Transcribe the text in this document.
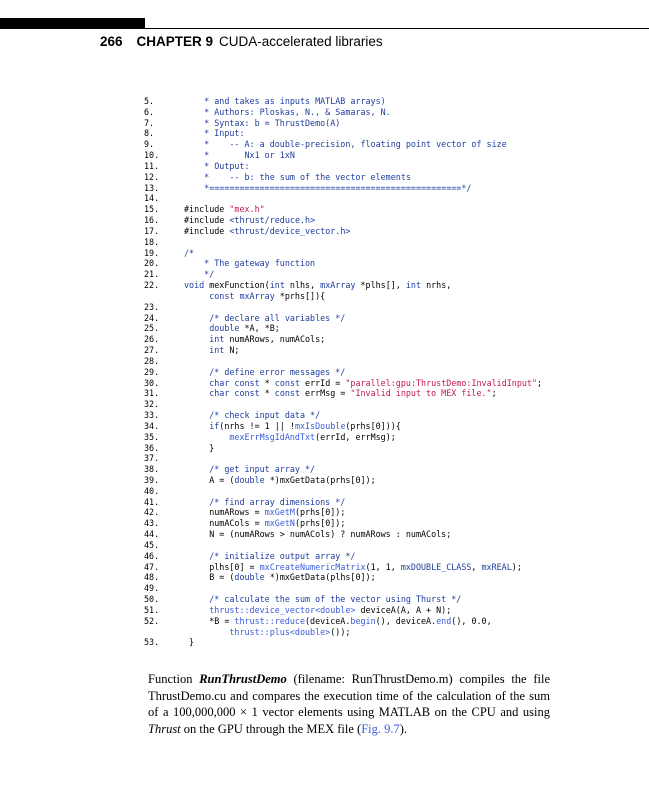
266 CHAPTER 9 CUDA-accelerated libraries
5.	* and takes as inputs MATLAB arrays)
6.	* Authors: Ploskas, N., & Samaras, N.
7.	* Syntax: b = ThrustDemo(A)
8.	* Input:
9.	*    -- A: a double-precision, floating point vector of size
10.	*       Nx1 or 1xN
11.	* Output:
12.	*    -- b: the sum of the vector elements
13.	*==================================================*/
14.
15.	#include "mex.h"
16.	#include <thrust/reduce.h>
17.	#include <thrust/device_vector.h>
18.
19.	/*
20.	* The gateway function
21.	*/
22.	void mexFunction(int nlhs, mxArray *plhs[], int nrhs,
const mxArray *prhs[]){
23.
24.	/* declare all variables */
25.	double *A, *B;
26.	int numARows, numACols;
27.	int N;
28.
29.	/* define error messages */
30.	char const * const errId = "parallel:gpu:ThrustDemo:InvalidInput";
31.	char const * const errMsg = "Invalid input to MEX file.";
32.
33.	/* check input data */
34.	if(nrhs != 1 || !mxIsDouble(prhs[0])){
35.	mexErrMsgIdAndTxt(errId, errMsg);
36.	}
37.
38.	/* get input array */
39.	A = (double *)mxGetData(prhs[0]);
40.
41.	/* find array dimensions */
42.	numARows = mxGetM(prhs[0]);
43.	numACols = mxGetN(prhs[0]);
44.	N = (numARows > numACols) ? numARows : numACols;
45.
46.	/* initialize output array */
47.	plhs[0] = mxCreateNumericMatrix(1, 1, mxDOUBLE_CLASS, mxREAL);
48.	B = (double *)mxGetData(plhs[0]);
49.
50.	/* calculate the sum of the vector using Thurst */
51.	thrust::device_vector<double> deviceA(A, A + N);
52.	*B = thrust::reduce(deviceA.begin(), deviceA.end(), 0.0,
thrust::plus<double>());
53.	}

Function RunThrustDemo (filename: RunThrustDemo.m) compiles the file ThrustDemo.cu and compares the execution time of the calculation of the sum of a 100,000,000 × 1 vector elements using MATLAB on the CPU and using Thrust on the GPU through the MEX file (Fig. 9.7).
